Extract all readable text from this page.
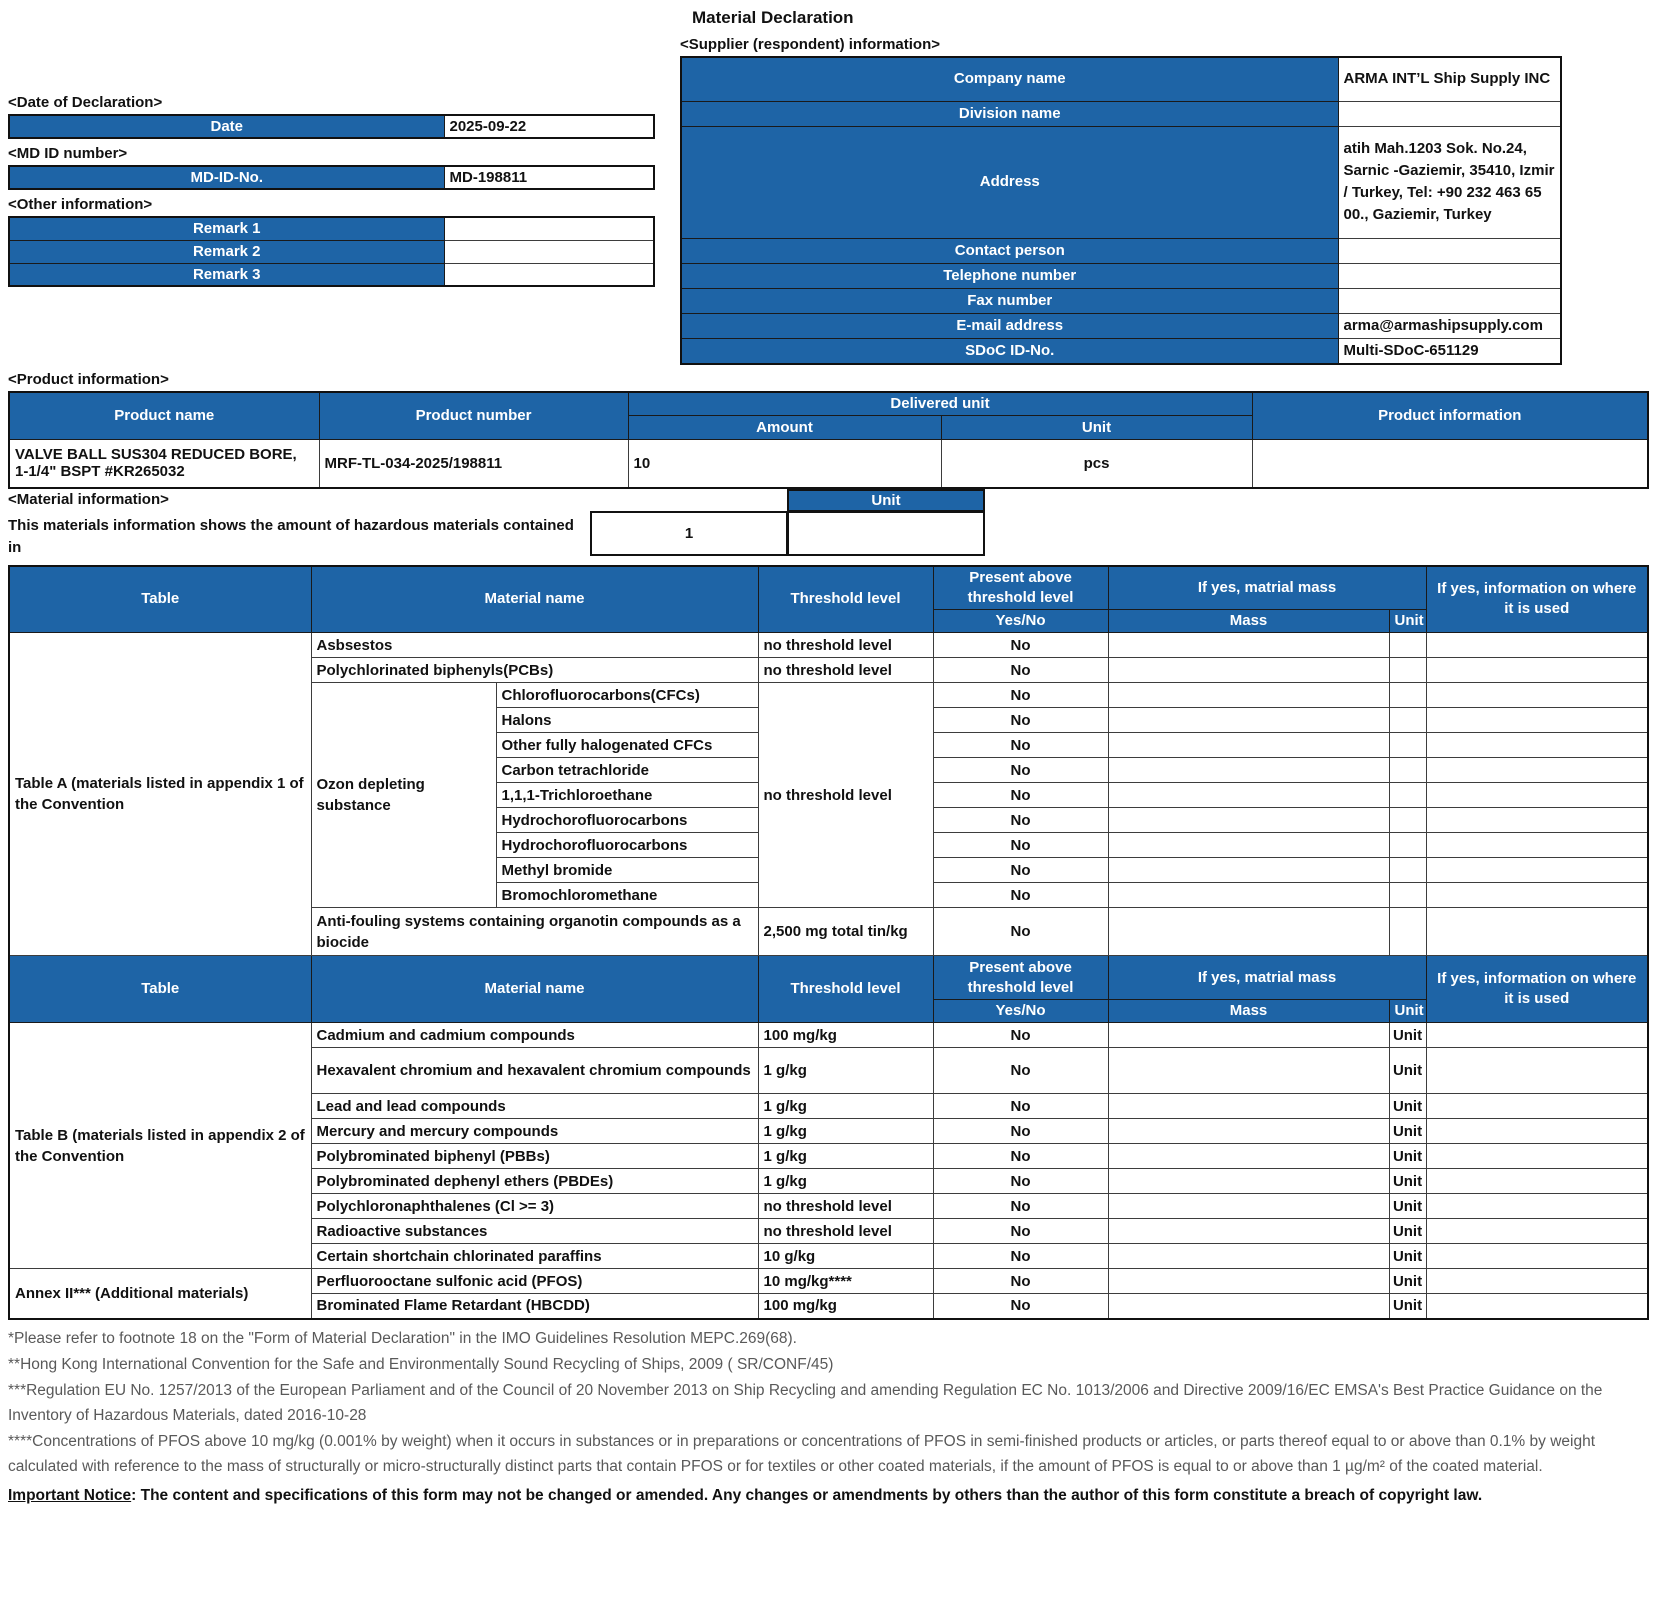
<Date of Declaration>
Date	2025-09-22
<MD ID number>
MD-ID-No.	MD-198811
<Other information>
Remark 1	
Remark 2	
Remark 3	
Material Declaration
<Supplier (respondent) information>
Company name	ARMA INT’L Ship Supply INC
Division name	
Address	atih Mah.1203 Sok. No.24, Sarnic -Gaziemir, 35410, Izmir / Turkey, Tel: +90 232 463 65 00., Gaziemir, Turkey
Contact person	
Telephone number	
Fax number	
E-mail address	arma@armashipsupply.com
SDoC ID-No.	Multi-SDoC-651129
<Product information>
Product name	Product number	Delivered unit		Product information
		Amount	Unit	
VALVE BALL SUS304 REDUCED BORE, 1-1/4" BSPT #KR265032	MRF-TL-034-2025/198811	10	pcs	
<Material information>
This materials information shows the amount of hazardous materials contained in
Unit
1
Table	Material name		Threshold level	Present above threshold level	If yes, matrial mass		If yes, information on where it is used
				Yes/No	Mass	Unit	
Table A (materials listed in appendix 1 of the Convention	Asbsestos		no threshold level	No			
	Polychlorinated biphenyls(PCBs)		no threshold level	No			
	Ozon depleting substance	Chlorofluorocarbons(CFCs)	no threshold level	No			
		Halons		No			
		Other fully halogenated CFCs		No			
		Carbon tetrachloride		No			
		1,1,1-Trichloroethane		No			
		Hydrochorofluorocarbons		No			
		Hydrochorofluorocarbons		No			
		Methyl bromide		No			
		Bromochloromethane		No			
	Anti-fouling systems containing organotin compounds as a biocide		2,500 mg total tin/kg	No			
Table	Material name		Threshold level	Present above threshold level	If yes, matrial mass		If yes, information on where it is used
				Yes/No	Mass	Unit	
Table B (materials listed in appendix 2 of the Convention	Cadmium and cadmium compounds		100 mg/kg	No		Unit	
	Hexavalent chromium and hexavalent chromium compounds		1 g/kg	No		Unit	
	Lead and lead compounds		1 g/kg	No		Unit	
	Mercury and mercury compounds		1 g/kg	No		Unit	
	Polybrominated biphenyl (PBBs)		1 g/kg	No		Unit	
	Polybrominated dephenyl ethers (PBDEs)		1 g/kg	No		Unit	
	Polychloronaphthalenes (Cl >= 3)		no threshold level	No		Unit	
	Radioactive substances		no threshold level	No		Unit	
	Certain shortchain chlorinated paraffins		10 g/kg	No		Unit	
Annex II*** (Additional materials)	Perfluorooctane sulfonic acid (PFOS)		10 mg/kg****	No		Unit	
	Brominated Flame Retardant (HBCDD)		100 mg/kg	No		Unit	
*Please refer to footnote 18 on the "Form of Material Declaration" in the IMO Guidelines Resolution MEPC.269(68).
**Hong Kong International Convention for the Safe and Environmentally Sound Recycling of Ships, 2009 ( SR/CONF/45)
***Regulation EU No. 1257/2013 of the European Parliament and of the Council of 20 November 2013 on Ship Recycling and amending Regulation EC No. 1013/2006 and Directive 2009/16/EC EMSA's Best Practice Guidance on the Inventory of Hazardous Materials, dated 2016-10-28
****Concentrations of PFOS above 10 mg/kg (0.001% by weight) when it occurs in substances or in preparations or concentrations of PFOS in semi-finished products or articles, or parts thereof equal to or above than 0.1% by weight calculated with reference to the mass of structurally or micro-structurally distinct parts that contain PFOS or for textiles or other coated materials, if the amount of PFOS is equal to or above than 1 µg/m² of the coated material.
Important Notice: The content and specifications of this form may not be changed or amended. Any changes or amendments by others than the author of this form constitute a breach of copyright law.
